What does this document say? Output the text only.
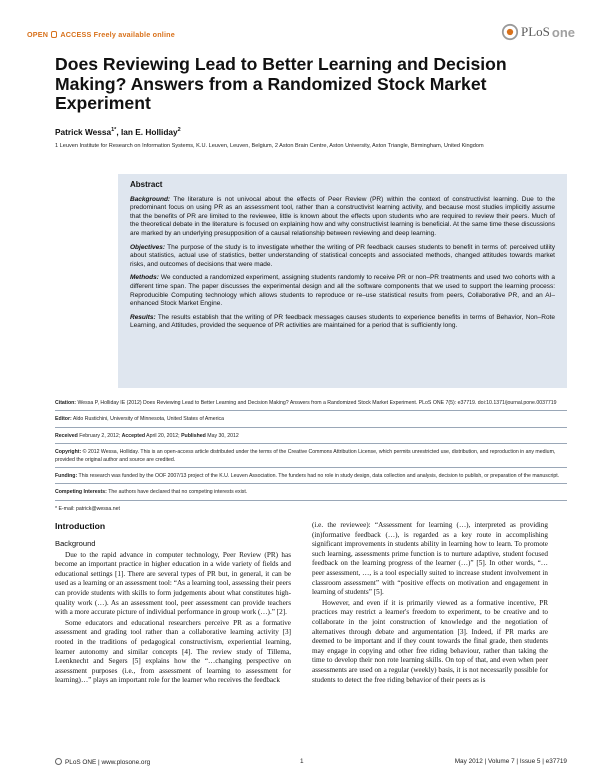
OPEN ACCESS Freely available online	PLoS one
Does Reviewing Lead to Better Learning and Decision Making? Answers from a Randomized Stock Market Experiment
Patrick Wessa$^{1*}$, Ian E. Holliday$^2$
1 Leuven Institute for Research on Information Systems, K.U. Leuven, Leuven, Belgium, 2 Aston Brain Centre, Aston University, Aston Triangle, Birmingham, United Kingdom
Abstract

Background: The literature is not univocal about the effects of Peer Review (PR) within the context of constructivist learning. Due to the predominant focus on using PR as an assessment tool, rather than a constructivist learning activity, and because most studies implicitly assume that the benefits of PR are limited to the reviewee, little is known about the effects upon students who are required to review their peers. Much of the theoretical debate in the literature is focused on explaining how and why constructivist learning is beneficial. At the same time these discussions are marked by an underlying presupposition of a causal relationship between reviewing and deep learning.

Objectives: The purpose of the study is to investigate whether the writing of PR feedback causes students to benefit in terms of: perceived utility about statistics, actual use of statistics, better understanding of statistical concepts and associated methods, changed attitudes towards market risks, and outcomes of decisions that were made.

Methods: We conducted a randomized experiment, assigning students randomly to receive PR or non–PR treatments and used two cohorts with a different time span. The paper discusses the experimental design and all the software components that we used to support the learning process: Reproducible Computing technology which allows students to reproduce or re–use statistical results from peers, Collaborative PR, and an AI–enhanced Stock Market Engine.

Results: The results establish that the writing of PR feedback messages causes students to experience benefits in terms of Behavior, Non–Rote Learning, and Attitudes, provided the sequence of PR activities are maintained for a period that is sufficiently long.

Citation: Wessa P, Holliday IE (2012) Does Reviewing Lead to Better Learning and Decision Making? Answers from a Randomized Stock Market Experiment. PLoS ONE 7(5): e37719. doi:10.1371/journal.pone.0037719

Editor: Aldo Rustichini, University of Minnesota, United States of America

Received February 2, 2012; Accepted April 20, 2012; Published May 30, 2012

Copyright: © 2012 Wessa, Holliday. This is an open-access article distributed under the terms of the Creative Commons Attribution License, which permits unrestricted use, distribution, and reproduction in any medium, provided the original author and source are credited.

Funding: This research was funded by the OOF 2007/13 project of the K.U. Leuven Association. The funders had no role in study design, data collection and analysis, decision to publish, or preparation of the manuscript.

Competing Interests: The authors have declared that no competing interests exist.

* E-mail: patrick@wessa.net

Introduction
Background

Due to the rapid advance in computer technology, Peer Review (PR) has become an important practice in higher education in a wide variety of fields and educational settings [1]. There are several types of PR but, in general, it can be used as a learning or an assessment tool: “As a learning tool, assessing their peers can provide students with skills to form judgements about what constitutes high-quality work (…). As an assessment tool, peer assessment can provide teachers with a more accurate picture of individual performance in group work (…).” [2].

Some educators and educational researchers perceive PR as a formative assessment and grading tool rather than a collaborative learning activity [3] rooted in the traditions of pedagogical constructivism, experiential learning, learner autonomy and similar concepts [4]. The review study of Tillema, Leenknecht and Segers [5] explains how the “…changing perspective on assessment purposes (i.e., from assessment of learning to assessment for learning)…” plays an important role for the learner who receives the feedback

(i.e. the reviewee): “Assessment for learning (…), interpreted as providing (in)formative feedback (…), is regarded as a key route in accomplishing significant improvements in students ability in learning how to learn. To promote such learning, assessments prime function is to nurture adaptive, student focused feedback on the learning progress of the learner (…)” [5]. In other words, “…peer assessment, …, is a tool especially suited to increase student involvement in classroom assessment” with “positive effects on motivation and engagement in learning of students” [5].

However, and even if it is primarily viewed as a formative incentive, PR practices may restrict a learner's freedom to experiment, to be creative and to collaborate in the joint construction of knowledge and the negotiation of alternatives through debate and argumentation [3]. Indeed, if PR marks are deemed to be important and if they count towards the final grade, then students may engage in copying and other free riding behaviour, rather than taking the time to develop their non rote learning skills. On top of that, and even when peer assessments are used on a regular (weekly) basis, it is not necessarily possible for students to detect the free riding behavior of their peers as is

PLoS ONE | www.plosone.org	1	May 2012 | Volume 7 | Issue 5 | e37719
